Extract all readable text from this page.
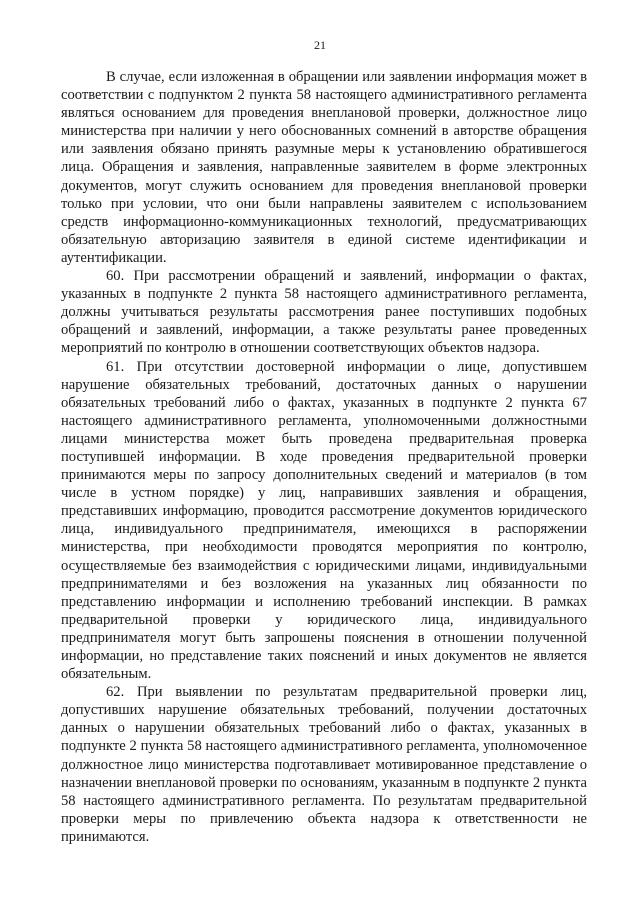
21

В случае, если изложенная в обращении или заявлении информация может в соответствии с подпунктом 2 пункта 58 настоящего административного регламента являться основанием для проведения внеплановой проверки, должностное лицо министерства при наличии у него обоснованных сомнений в авторстве обращения или заявления обязано принять разумные меры к установлению обратившегося лица. Обращения и заявления, направленные заявителем в форме электронных документов, могут служить основанием для проведения внеплановой проверки только при условии, что они были направлены заявителем с использованием средств информационно-коммуникационных технологий, предусматривающих обязательную авторизацию заявителя в единой системе идентификации и аутентификации.

60. При рассмотрении обращений и заявлений, информации о фактах, указанных в подпункте 2 пункта 58 настоящего административного регламента, должны учитываться результаты рассмотрения ранее поступивших подобных обращений и заявлений, информации, а также результаты ранее проведенных мероприятий по контролю в отношении соответствующих объектов надзора.

61. При отсутствии достоверной информации о лице, допустившем нарушение обязательных требований, достаточных данных о нарушении обязательных требований либо о фактах, указанных в подпункте 2 пункта 67 настоящего административного регламента, уполномоченными должностными лицами министерства может быть проведена предварительная проверка поступившей информации. В ходе проведения предварительной проверки принимаются меры по запросу дополнительных сведений и материалов (в том числе в устном порядке) у лиц, направивших заявления и обращения, представивших информацию, проводится рассмотрение документов юридического лица, индивидуального предпринимателя, имеющихся в распоряжении министерства, при необходимости проводятся мероприятия по контролю, осуществляемые без взаимодействия с юридическими лицами, индивидуальными предпринимателями и без возложения на указанных лиц обязанности по представлению информации и исполнению требований инспекции. В рамках предварительной проверки у юридического лица, индивидуального предпринимателя могут быть запрошены пояснения в отношении полученной информации, но представление таких пояснений и иных документов не является обязательным.

62. При выявлении по результатам предварительной проверки лиц, допустивших нарушение обязательных требований, получении достаточных данных о нарушении обязательных требований либо о фактах, указанных в подпункте 2 пункта 58 настоящего административного регламента, уполномоченное должностное лицо министерства подготавливает мотивированное представление о назначении внеплановой проверки по основаниям, указанным в подпункте 2 пункта 58 настоящего административного регламента. По результатам предварительной проверки меры по привлечению объекта надзора к ответственности не принимаются.
